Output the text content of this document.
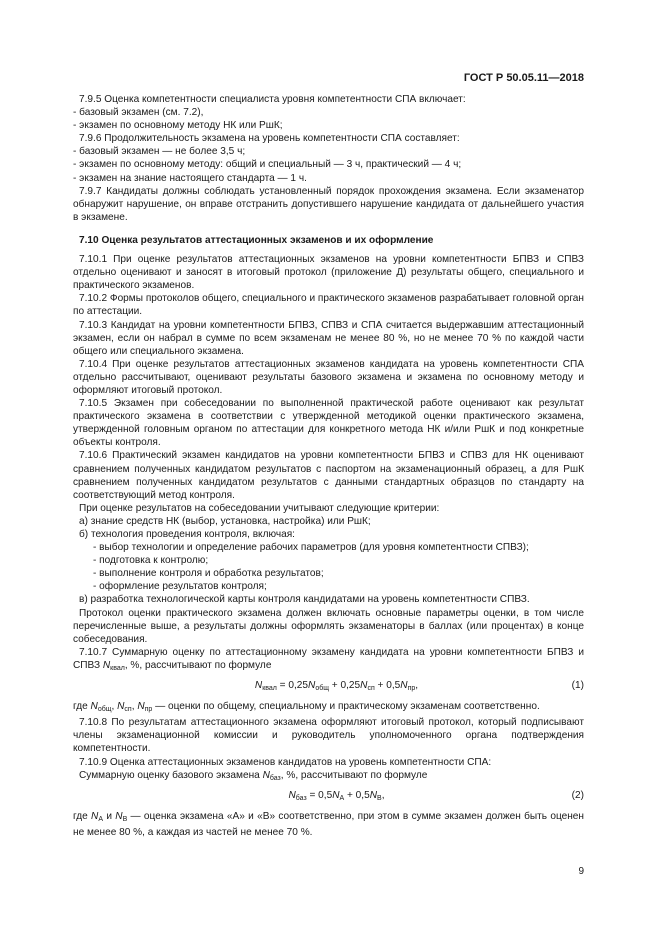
ГОСТ Р 50.05.11—2018

7.9.5 Оценка компетентности специалиста уровня компетентности СПА включает:

- базовый экзамен (см. 7.2),

- экзамен по основному методу НК или РшК;

7.9.6 Продолжительность экзамена на уровень компетентности СПА составляет:

- базовый экзамен — не более 3,5 ч;

- экзамен по основному методу: общий и специальный — 3 ч, практический — 4 ч;

- экзамен на знание настоящего стандарта — 1 ч.

7.9.7 Кандидаты должны соблюдать установленный порядок прохождения экзамена. Если экзаменатор обнаружит нарушение, он вправе отстранить допустившего нарушение кандидата от дальнейшего участия в экзамене.

7.10 Оценка результатов аттестационных экзаменов и их оформление

7.10.1 При оценке результатов аттестационных экзаменов на уровни компетентности БПВЗ и СПВЗ отдельно оценивают и заносят в итоговый протокол (приложение Д) результаты общего, специального и практического экзаменов.

7.10.2 Формы протоколов общего, специального и практического экзаменов разрабатывает головной орган по аттестации.

7.10.3 Кандидат на уровни компетентности БПВЗ, СПВЗ и СПА считается выдержавшим аттестационный экзамен, если он набрал в сумме по всем экзаменам не менее 80 %, но не менее 70 % по каждой части общего или специального экзамена.

7.10.4 При оценке результатов аттестационных экзаменов кандидата на уровень компетентности СПА отдельно рассчитывают, оценивают результаты базового экзамена и экзамена по основному методу и оформляют итоговый протокол.

7.10.5 Экзамен при собеседовании по выполненной практической работе оценивают как результат практического экзамена в соответствии с утвержденной методикой оценки практического экзамена, утвержденной головным органом по аттестации для конкретного метода НК и/или РшК и под конкретные объекты контроля.

7.10.6 Практический экзамен кандидатов на уровни компетентности БПВЗ и СПВЗ для НК оценивают сравнением полученных кандидатом результатов с паспортом на экзаменационный образец, а для РшК сравнением полученных кандидатом результатов с данными стандартных образцов по стандарту на соответствующий метод контроля.

При оценке результатов на собеседовании учитывают следующие критерии:

а) знание средств НК (выбор, установка, настройка) или РшК;

б) технология проведения контроля, включая:

- выбор технологии и определение рабочих параметров (для уровня компетентности СПВЗ);

- подготовка к контролю;

- выполнение контроля и обработка результатов;

- оформление результатов контроля;

в) разработка технологической карты контроля кандидатами на уровень компетентности СПВЗ.

Протокол оценки практического экзамена должен включать основные параметры оценки, в том числе перечисленные выше, а результаты должны оформлять экзаменаторы в баллах (или процентах) в конце собеседования.

7.10.7 Суммарную оценку по аттестационному экзамену кандидата на уровни компетентности БПВЗ и СПВЗ $N_{квал}$, %, рассчитывают по формуле

$N_{квал} = 0,25N_{общ} + 0,25N_{сп} + 0,5N_{пр}$,	(1)

где $N_{общ}$, $N_{сп}$, $N_{пр}$ — оценки по общему, специальному и практическому экзаменам соответственно.

7.10.8 По результатам аттестационного экзамена оформляют итоговый протокол, который подписывают члены экзаменационной комиссии и руководитель уполномоченного органа подтверждения компетентности.

7.10.9 Оценка аттестационных экзаменов кандидатов на уровень компетентности СПА:

Суммарную оценку базового экзамена $N_{баз}$, %, рассчитывают по формуле

$N_{баз} = 0,5N_А + 0,5N_В$,	(2)

где $N_А$ и $N_В$ — оценка экзамена «А» и «В» соответственно, при этом в сумме экзамен должен быть оценен не менее 80 %, а каждая из частей не менее 70 %.

9
